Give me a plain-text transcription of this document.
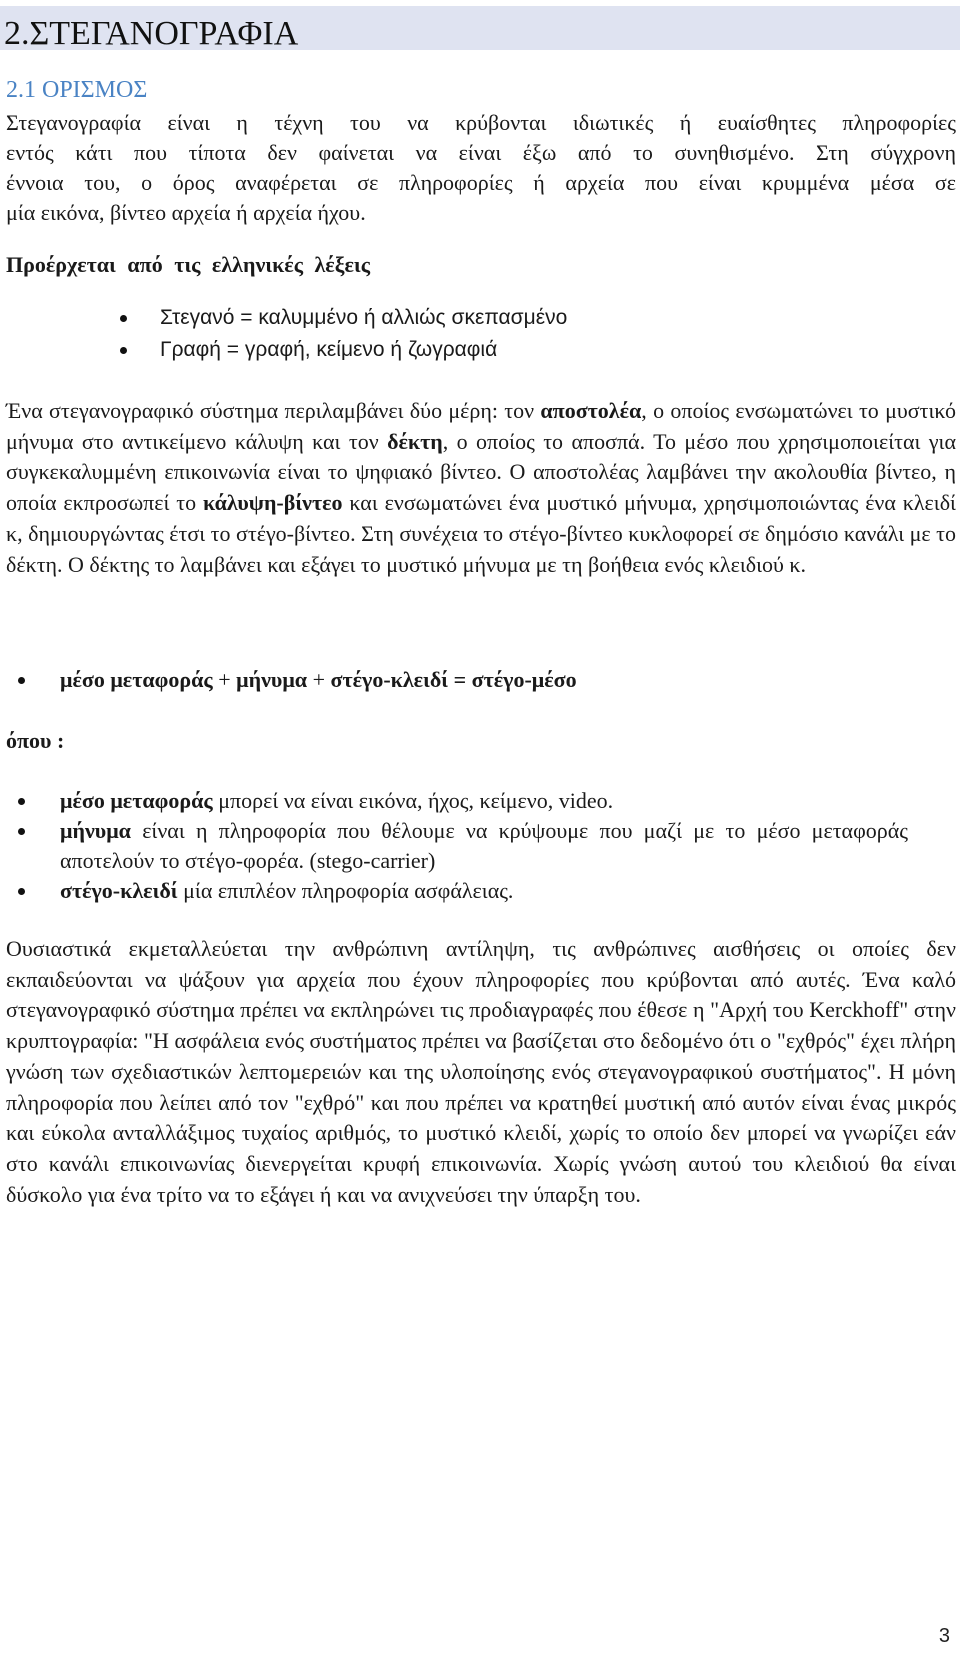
2.ΣΤΕΓΑΝΟΓΡΑΦΙΑ
2.1 ΟΡΙΣΜΟΣ
Στεγανογραφία είναι η τέχνη του να κρύβονται ιδιωτικές ή ευαίσθητες πληροφορίες
εντός κάτι που τίποτα δεν φαίνεται να είναι έξω από το συνηθισμένο. Στη σύγχρονη
έννοια του, ο όρος αναφέρεται σε πληροφορίες ή αρχεία που είναι κρυμμένα μέσα σε
μία εικόνα, βίντεο αρχεία ή αρχεία ήχου.
Προέρχεται από τις ελληνικές λέξεις
Στεγανό = καλυμμένο ή αλλιώς σκεπασμένο
Γραφή = γραφή, κείμενο ή ζωγραφιά
Ένα στεγανογραφικό σύστημα περιλαμβάνει δύο μέρη: τον αποστολέα, ο οποίος ενσωματώνει το μυστικό μήνυμα στο αντικείμενο κάλυψη και τον δέκτη, ο οποίος το αποσπά. Το μέσο που χρησιμοποιείται για συγκεκαλυμμένη επικοινωνία είναι το ψηφιακό βίντεο. Ο αποστολέας λαμβάνει την ακολουθία βίντεο, η οποία εκπροσωπεί το κάλυψη-βίντεο και ενσωματώνει ένα μυστικό μήνυμα, χρησιμοποιώντας ένα κλειδί κ, δημιουργώντας έτσι το στέγο-βίντεο. Στη συνέχεια το στέγο-βίντεο κυκλοφορεί σε δημόσιο κανάλι με το δέκτη. Ο δέκτης το λαμβάνει και εξάγει το μυστικό μήνυμα με τη βοήθεια ενός κλειδιού κ.
μέσο μεταφοράς + μήνυμα + στέγο-κλειδί = στέγο-μέσο
όπου :
μέσο μεταφοράς μπορεί να είναι εικόνα, ήχος, κείμενο, video.
μήνυμα είναι η πληροφορία που θέλουμε να κρύψουμε που μαζί με το μέσο μεταφοράς αποτελούν το στέγο-φορέα. (stego-carrier)
στέγο-κλειδί μία επιπλέον πληροφορία ασφάλειας.
Ουσιαστικά εκμεταλλεύεται την ανθρώπινη αντίληψη, τις ανθρώπινες αισθήσεις οι οποίες δεν εκπαιδεύονται να ψάξουν για αρχεία που έχουν πληροφορίες που κρύβονται από αυτές. Ένα καλό στεγανογραφικό σύστημα πρέπει να εκπληρώνει τις προδιαγραφές που έθεσε η "Αρχή του Kerckhoff" στην κρυπτογραφία: "Η ασφάλεια ενός συστήματος πρέπει να βασίζεται στο δεδομένο ότι ο "εχθρός" έχει πλήρη γνώση των σχεδιαστικών λεπτομερειών και της υλοποίησης ενός στεγανογραφικού συστήματος". Η μόνη πληροφορία που λείπει από τον "εχθρό" και που πρέπει να κρατηθεί μυστική από αυτόν είναι ένας μικρός και εύκολα ανταλλάξιμος τυχαίος αριθμός, το μυστικό κλειδί, χωρίς το οποίο δεν μπορεί να γνωρίζει εάν στο κανάλι επικοινωνίας διενεργείται κρυφή επικοινωνία. Χωρίς γνώση αυτού του κλειδιού θα είναι δύσκολο για ένα τρίτο να το εξάγει ή και να ανιχνεύσει την ύπαρξη του.
3
